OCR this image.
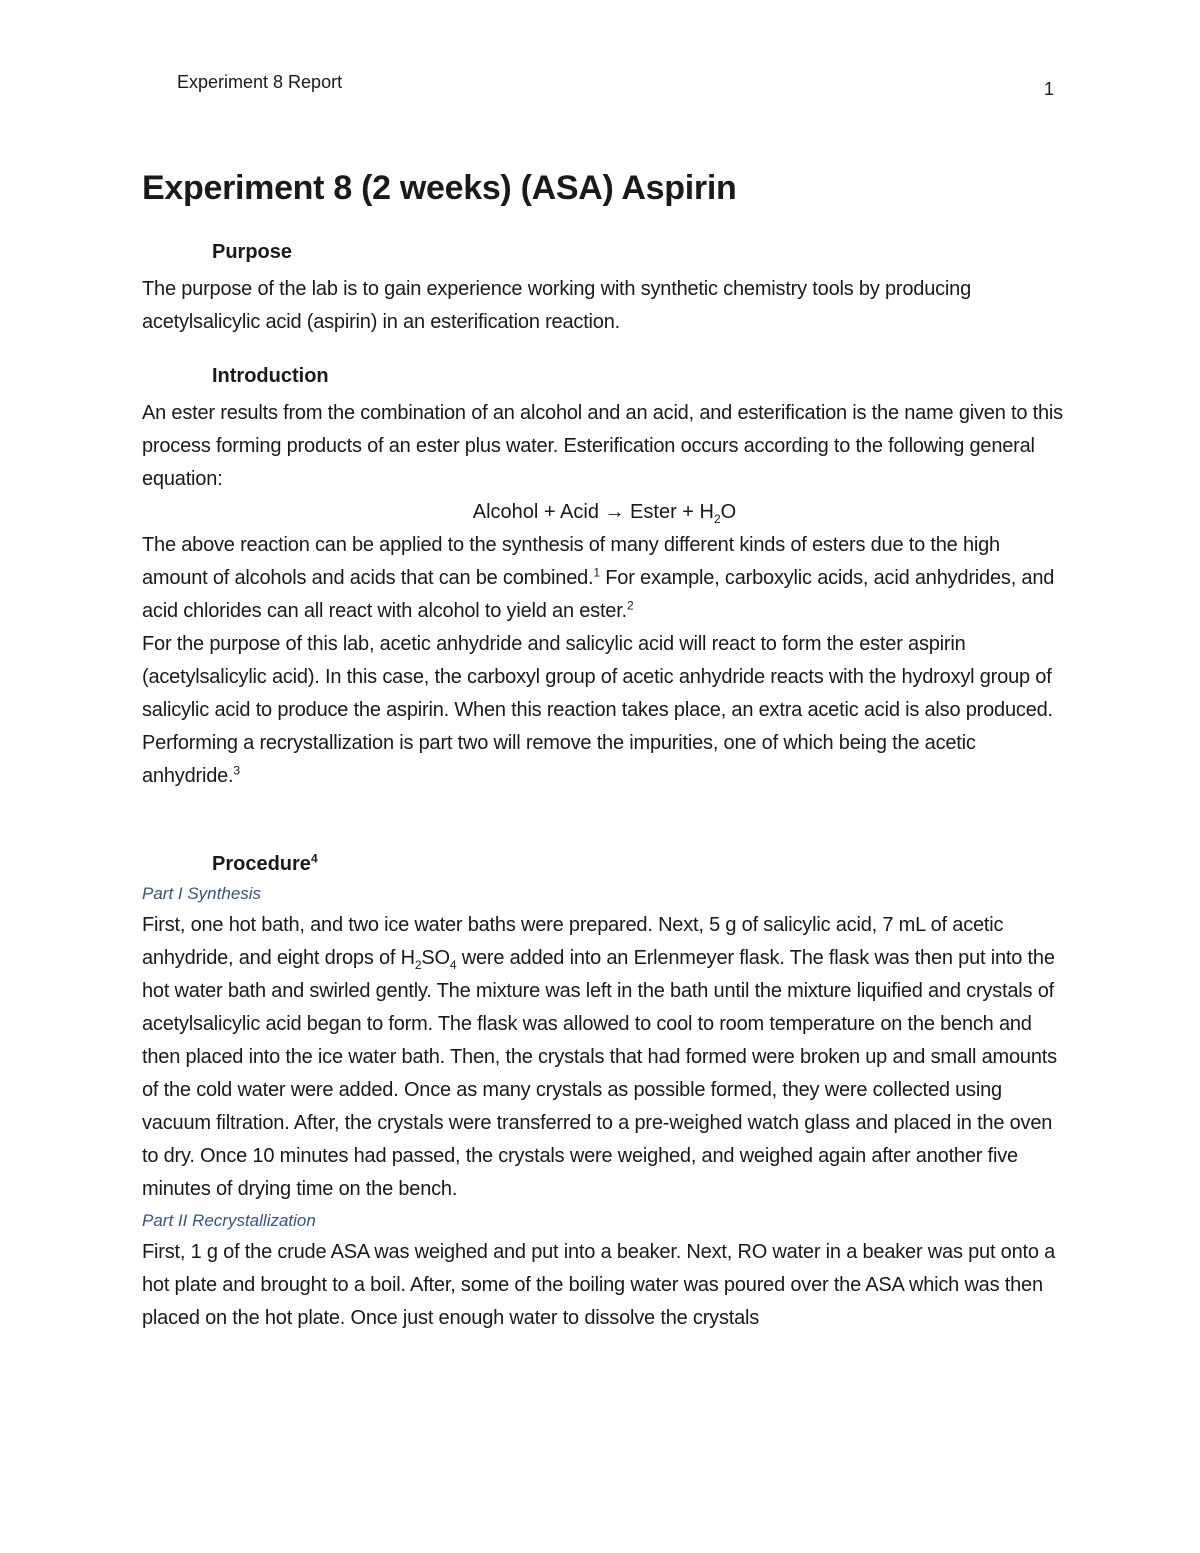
Experiment 8 Report	1
Experiment 8 (2 weeks) (ASA) Aspirin
Purpose

The purpose of the lab is to gain experience working with synthetic chemistry tools by producing acetylsalicylic acid (aspirin) in an esterification reaction.

Introduction

An ester results from the combination of an alcohol and an acid, and esterification is the name given to this process forming products of an ester plus water. Esterification occurs according to the following general equation:

Alcohol + Acid → Ester + $H_2O$

The above reaction can be applied to the synthesis of many different kinds of esters due to the high amount of alcohols and acids that can be combined.$^1$ For example, carboxylic acids, acid anhydrides, and acid chlorides can all react with alcohol to yield an ester.$^2$

For the purpose of this lab, acetic anhydride and salicylic acid will react to form the ester aspirin (acetylsalicylic acid). In this case, the carboxyl group of acetic anhydride reacts with the hydroxyl group of salicylic acid to produce the aspirin. When this reaction takes place, an extra acetic acid is also produced. Performing a recrystallization is part two will remove the impurities, one of which being the acetic anhydride.$^3$

Procedure$^4$

Part I Synthesis

First, one hot bath, and two ice water baths were prepared. Next, 5 g of salicylic acid, 7 mL of acetic anhydride, and eight drops of $H_2SO_4$ were added into an Erlenmeyer flask. The flask was then put into the hot water bath and swirled gently. The mixture was left in the bath until the mixture liquified and crystals of acetylsalicylic acid began to form. The flask was allowed to cool to room temperature on the bench and then placed into the ice water bath. Then, the crystals that had formed were broken up and small amounts of the cold water were added. Once as many crystals as possible formed, they were collected using vacuum filtration. After, the crystals were transferred to a pre-weighed watch glass and placed in the oven to dry. Once 10 minutes had passed, the crystals were weighed, and weighed again after another five minutes of drying time on the bench.

Part II Recrystallization

First, 1 g of the crude ASA was weighed and put into a beaker. Next, RO water in a beaker was put onto a hot plate and brought to a boil. After, some of the boiling water was poured over the ASA which was then placed on the hot plate. Once just enough water to dissolve the crystals
